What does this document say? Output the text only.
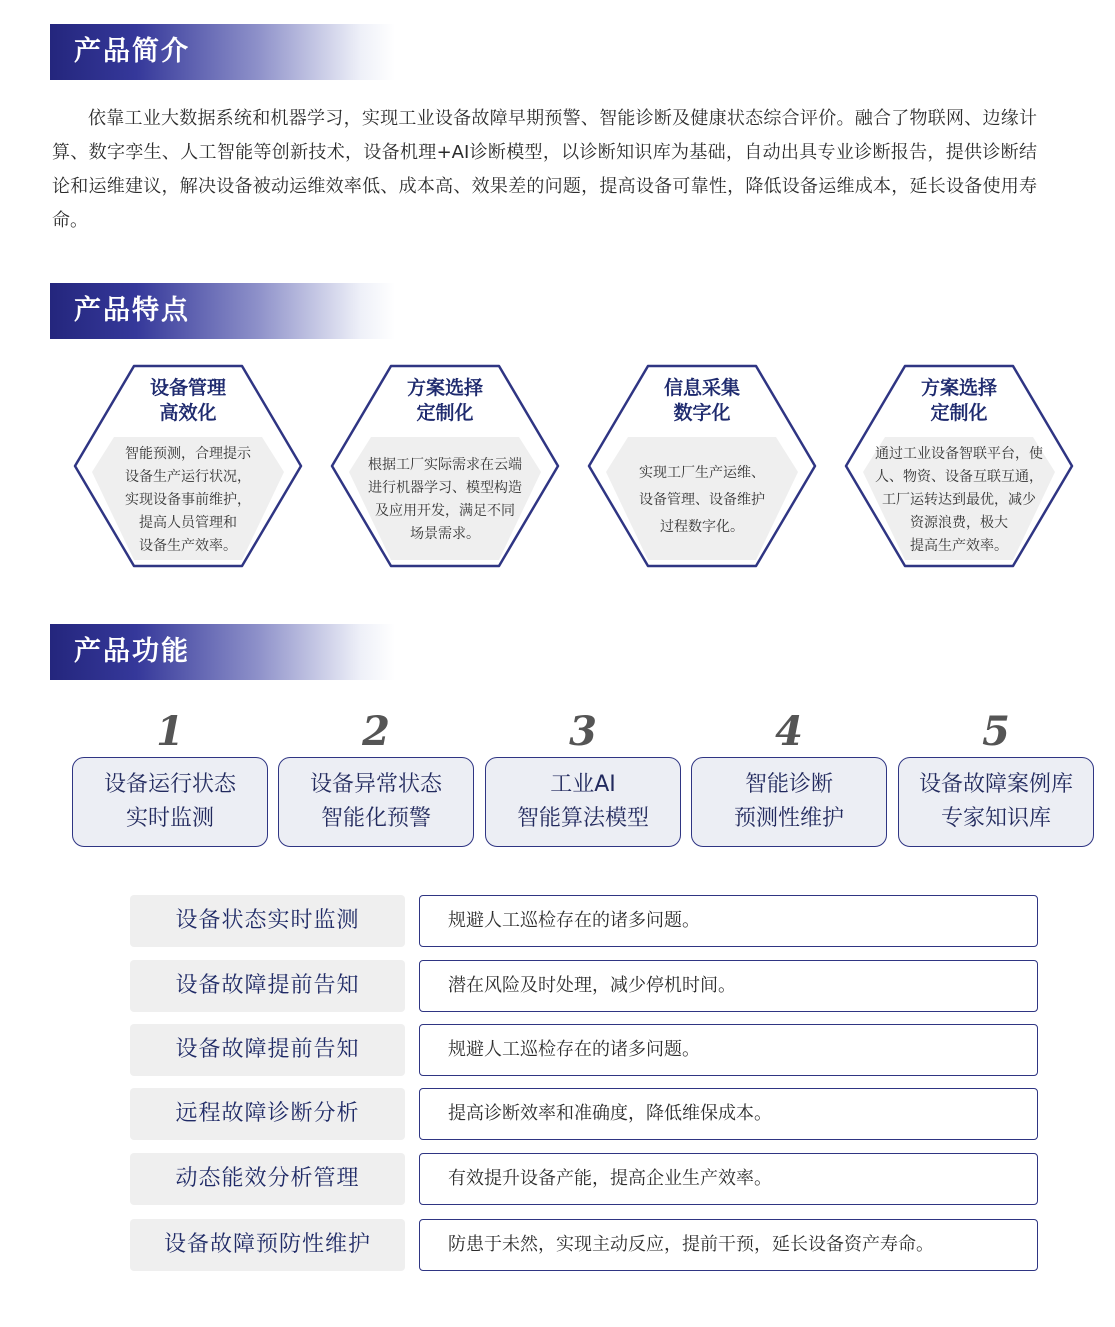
产品简介

依靠工业大数据系统和机器学习，实现工业设备故障早期预警、智能诊断及健康状态综合评价。融合了物联网、边缘计算、数字孪生、人工智能等创新技术，设备机理+AI诊断模型，以诊断知识库为基础，自动出具专业诊断报告，提供诊断结论和运维建议，解决设备被动运维效率低、成本高、效果差的问题，提高设备可靠性，降低设备运维成本，延长设备使用寿命。

产品特点
设备管理
高效化
智能预测，合理提示
设备生产运行状况，
实现设备事前维护，
提高人员管理和
设备生产效率。
方案选择
定制化
根据工厂实际需求在云端
进行机器学习、模型构造
及应用开发，满足不同
场景需求。
信息采集
数字化
实现工厂生产运维、
设备管理、设备维护
过程数字化。
方案选择
定制化
通过工业设备智联平台，使
人、物资、设备互联互通，
工厂运转达到最优，减少
资源浪费，极大
提高生产效率。
产品功能
1
设备运行状态
实时监测
2
设备异常状态
智能化预警
3
工业AI
智能算法模型
4
智能诊断
预测性维护
5
设备故障案例库
专家知识库
设备状态实时监测	规避人工巡检存在的诸多问题。
设备故障提前告知	潜在风险及时处理，减少停机时间。
设备故障提前告知	规避人工巡检存在的诸多问题。
远程故障诊断分析	提高诊断效率和准确度，降低维保成本。
动态能效分析管理	有效提升设备产能，提高企业生产效率。
设备故障预防性维护	防患于未然，实现主动反应，提前干预，延长设备资产寿命。
